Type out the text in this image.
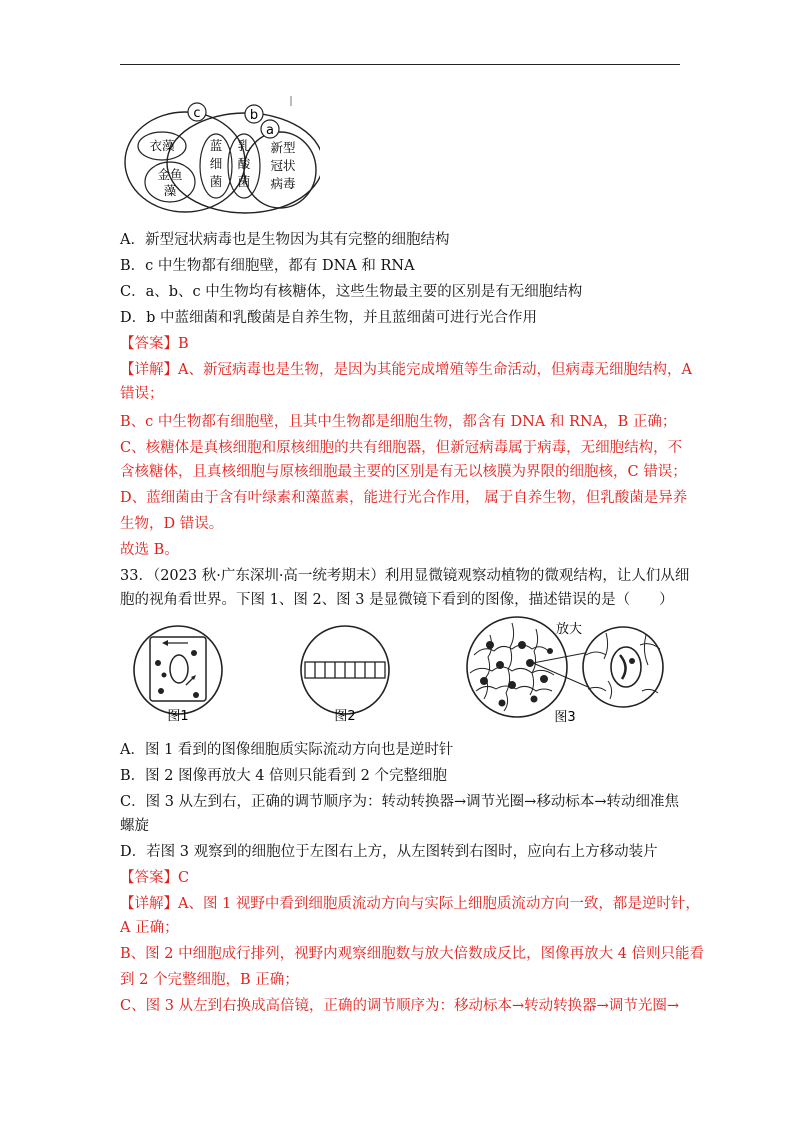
c	b
a
衣藻
金鱼
藻
蓝
细
菌
乳
酸
菌
新型
冠状
病毒
A．新型冠状病毒也是生物因为其有完整的细胞结构
B．c 中生物都有细胞壁，都有 DNA 和 RNA
C．a、b、c 中生物均有核糖体，这些生物最主要的区别是有无细胞结构
D．b 中蓝细菌和乳酸菌是自养生物，并且蓝细菌可进行光合作用
【答案】B
【详解】A、新冠病毒也是生物，是因为其能完成增殖等生命活动，但病毒无细胞结构，A
错误；
B、c 中生物都有细胞壁，且其中生物都是细胞生物，都含有 DNA 和 RNA，B 正确；
C、核糖体是真核细胞和原核细胞的共有细胞器，但新冠病毒属于病毒，无细胞结构，不
含核糖体，且真核细胞与原核细胞最主要的区别是有无以核膜为界限的细胞核，C 错误；
D、蓝细菌由于含有叶绿素和藻蓝素，能进行光合作用， 属于自养生物，但乳酸菌是异养
生物，D 错误。
故选 B。
33．（2023 秋·广东深圳·高一统考期末）利用显微镜观察动植物的微观结构，让人们从细
胞的视角看世界。下图 1、图 2、图 3 是显微镜下看到的图像，描述错误的是（　　）
图1	图2
放大
图3
A．图 1 看到的图像细胞质实际流动方向也是逆时针
B．图 2 图像再放大 4 倍则只能看到 2 个完整细胞
C．图 3 从左到右，正确的调节顺序为：转动转换器→调节光圈→移动标本→转动细准焦
螺旋
D．若图 3 观察到的细胞位于左图右上方，从左图转到右图时，应向右上方移动装片
【答案】C
【详解】A、图 1 视野中看到细胞质流动方向与实际上细胞质流动方向一致，都是逆时针，
A 正确；
B、图 2 中细胞成行排列，视野内观察细胞数与放大倍数成反比，图像再放大 4 倍则只能看
到 2 个完整细胞，B 正确；
C、图 3 从左到右换成高倍镜，正确的调节顺序为：移动标本→转动转换器→调节光圈→
